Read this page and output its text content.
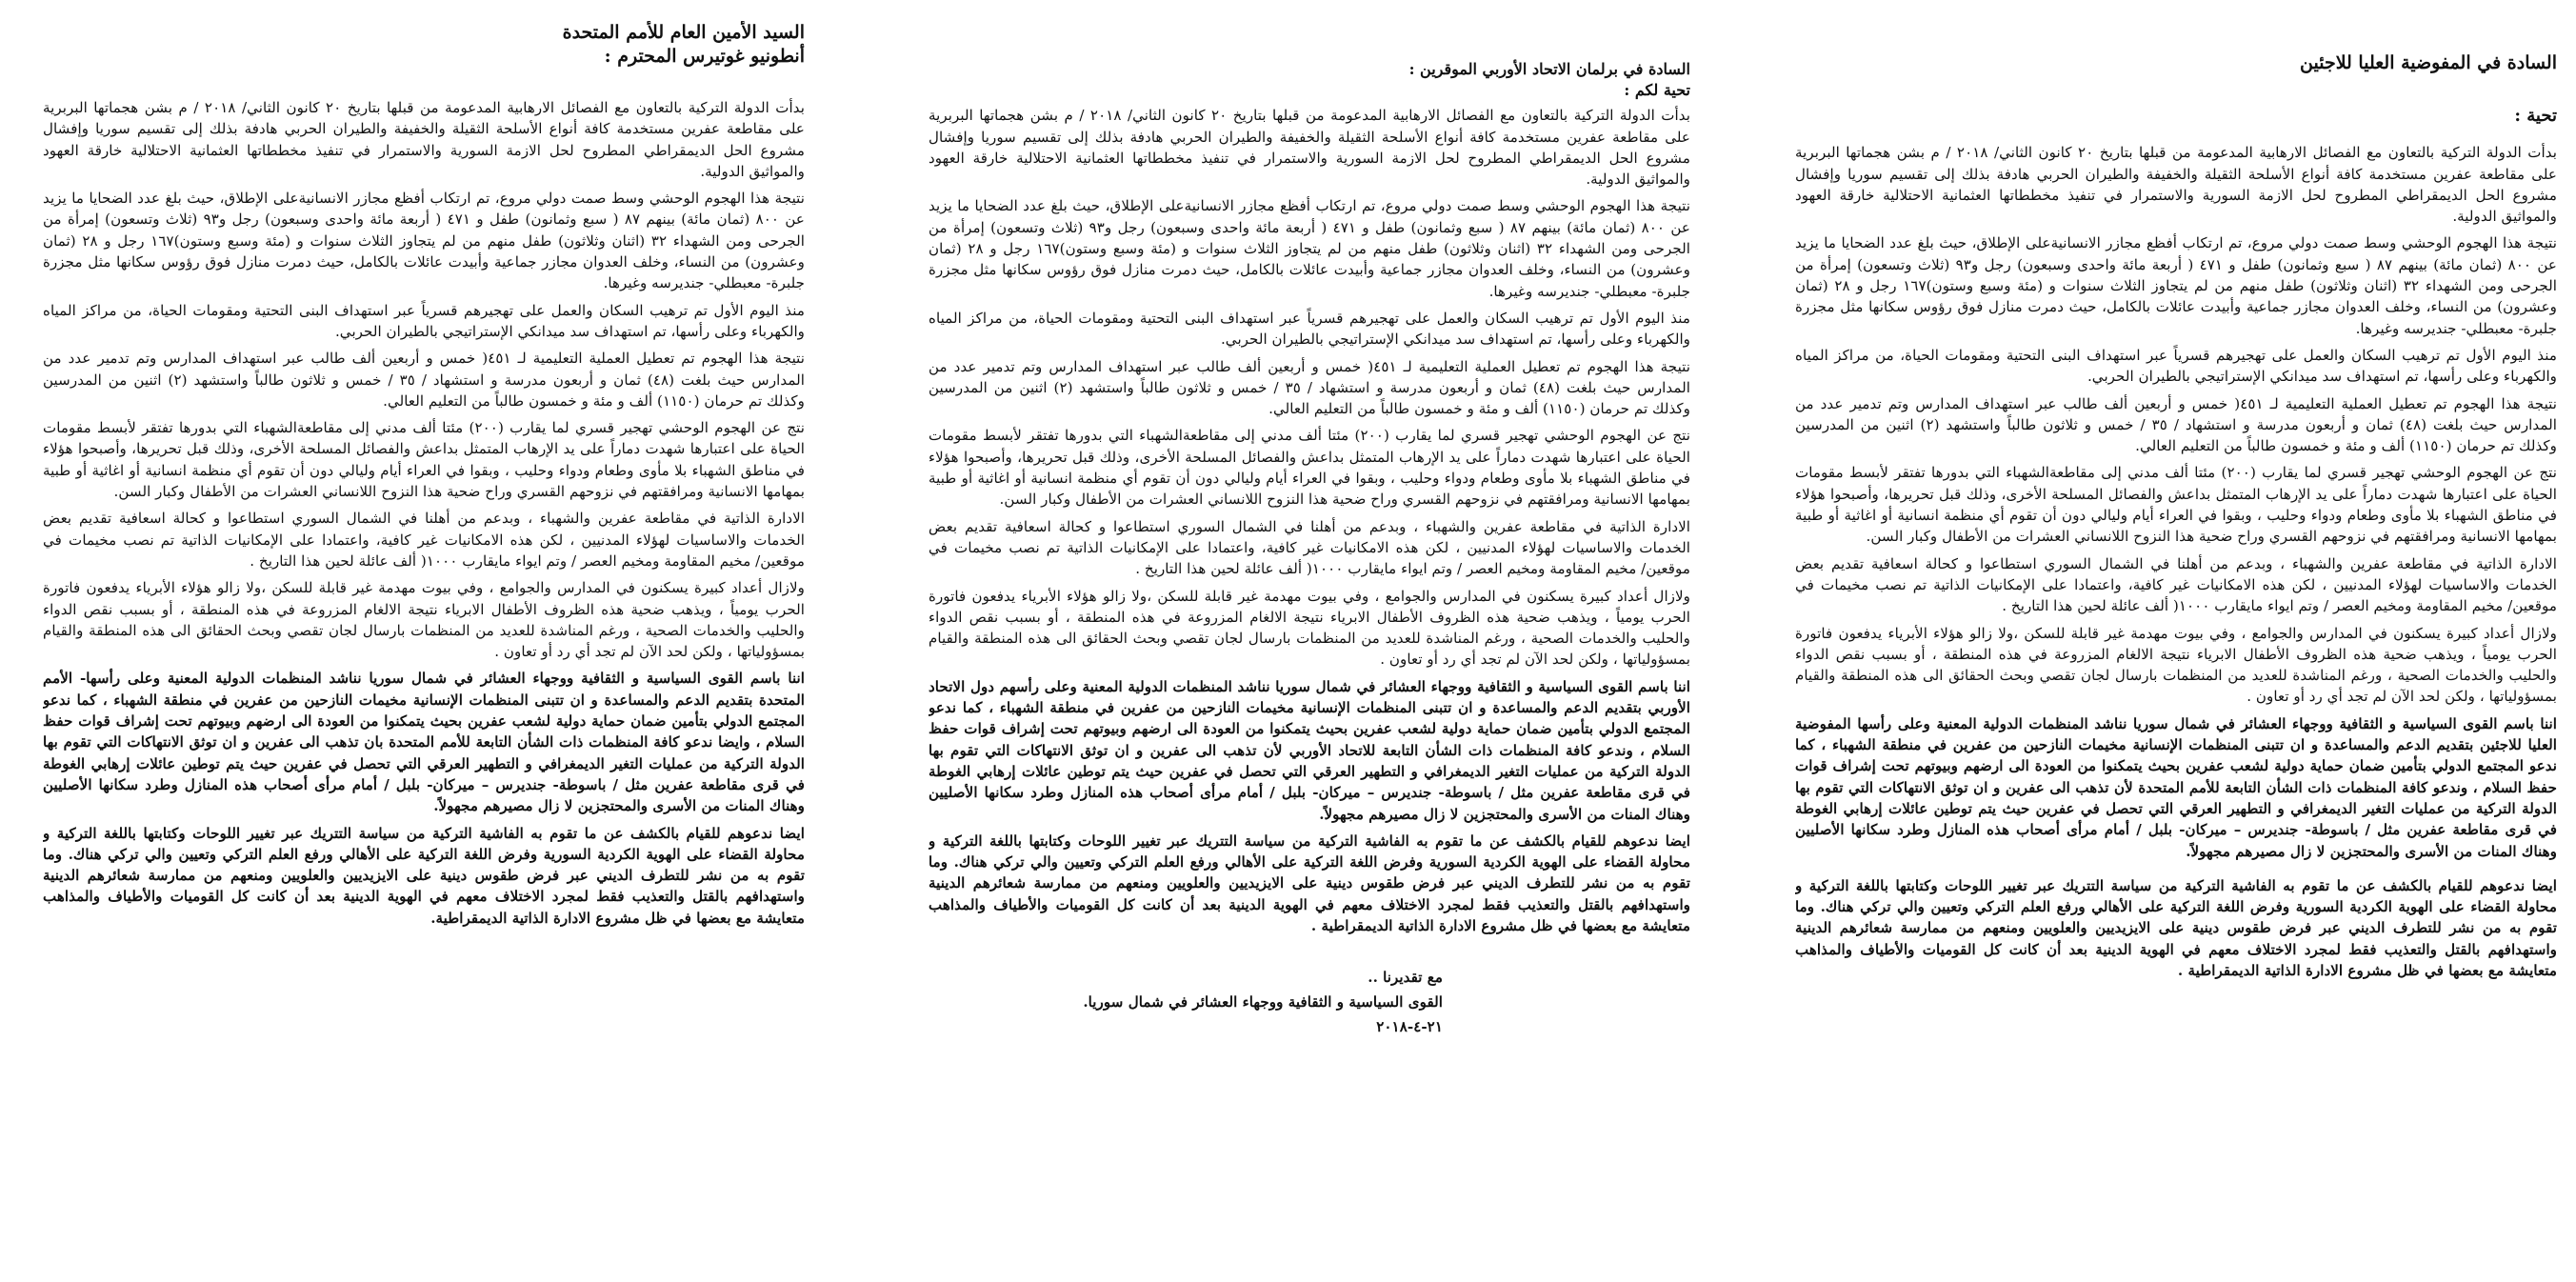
السادة في المفوضية العليا للاجئين
تحية :

بدأت الدولة التركية بالتعاون مع الفصائل الارهابية المدعومة من قبلها بتاريخ ٢٠ كانون الثاني/ ٢٠١٨ / م بشن هجماتها البربرية على مقاطعة عفرين مستخدمة كافة أنواع الأسلحة الثقيلة والخفيفة والطيران الحربي هادفة بذلك إلى تقسيم سوريا وإفشال مشروع الحل الديمقراطي المطروح لحل الازمة السورية والاستمرار في تنفيذ مخططاتها العثمانية الاحتلالية خارقة العهود والمواثيق الدولية.

نتيجة هذا الهجوم الوحشي وسط صمت دولي مروع، تم ارتكاب أفظع مجازر الانسانيةعلى الإطلاق، حيث بلغ عدد الضحايا ما يزيد عن ٨٠٠ (ثمان مائة) بينهم ٨٧ ( سبع وثمانون) طفل و ٤٧١ ( أربعة مائة واحدى وسبعون) رجل و٩٣ (ثلاث وتسعون) إمرأة من الجرحى ومن الشهداء ٣٢ (اثنان وثلاثون) طفل منهم من لم يتجاوز الثلاث سنوات و (مئة وسبع وستون)١٦٧ رجل و ٢٨ (ثمان وعشرون) من النساء، وخلف العدوان مجازر جماعية وأبيدت عائلات بالكامل، حيث دمرت منازل فوق رؤوس سكانها مثل مجزرة جلبرة- معبطلي- جنديرسه وغيرها.

منذ اليوم الأول تم ترهيب السكان والعمل على تهجيرهم قسرياً عبر استهداف البنى التحتية ومقومات الحياة، من مراكز المياه والكهرباء وعلى رأسها، تم استهداف سد ميدانكي الإستراتيجي بالطيران الحربي.

نتيجة هذا الهجوم تم تعطيل العملية التعليمية لـ ٤٥١( خمس و أربعين ألف طالب عبر استهداف المدارس وتم تدمير عدد من المدارس حيث بلغت (٤٨) ثمان و أربعون مدرسة و استشهاد / ٣٥ / خمس و ثلاثون طالباً واستشهد (٢) اثنين من المدرسين وكذلك تم حرمان (١١٥٠) ألف و مئة و خمسون طالباً من التعليم العالي.

نتج عن الهجوم الوحشي تهجير قسري لما يقارب (٢٠٠) مئتا ألف مدني إلى مقاطعةالشهباء التي بدورها تفتقر لأبسط مقومات الحياة على اعتبارها شهدت دماراً على يد الإرهاب المتمثل بداعش والفصائل المسلحة الأخرى، وذلك قبل تحريرها، وأصبحوا هؤلاء في مناطق الشهباء بلا مأوى وطعام ودواء وحليب ، وبقوا في العراء أيام وليالي دون أن تقوم أي منظمة انسانية أو اغاثية أو طبية بمهامها الانسانية ومرافقتهم في نزوحهم القسري وراح ضحية هذا النزوح اللانساني العشرات من الأطفال وكبار السن.

الادارة الذاتية في مقاطعة عفرين والشهباء ، وبدعم من أهلنا في الشمال السوري استطاعوا و كحالة اسعافية تقديم بعض الخدمات والاساسيات لهؤلاء المدنيين ، لكن هذه الامكانيات غير كافية، واعتمادا على الإمكانيات الذاتية تم نصب مخيمات في موقعين/ مخيم المقاومة ومخيم العصر / وتم ايواء مايقارب ١٠٠٠( ألف عائلة لحين هذا التاريخ .

ولازال أعداد كبيرة يسكنون في المدارس والجوامع ، وفي بيوت مهدمة غير قابلة للسكن ،ولا زالو هؤلاء الأبرياء يدفعون فاتورة الحرب يومياً ، ويذهب ضحية هذه الظروف الأطفال الابرياء نتيجة الالغام المزروعة في هذه المنطقة ، أو بسبب نقص الدواء والحليب والخدمات الصحية ، ورغم المناشدة للعديد من المنظمات بارسال لجان تقصي وبحث الحقائق الى هذه المنطقة والقيام بمسؤولياتها ، ولكن لحد الآن لم تجد أي رد أو تعاون .

اننا باسم القوى السياسية و الثقافية ووجهاء العشائر في شمال سوريا نناشد المنظمات الدولية المعنية وعلى رأسها المفوضية العليا للاجئين بتقديم الدعم والمساعدة و ان تتبنى المنظمات الإنسانية مخيمات النازحين من عفرين في منطقة الشهباء ، كما ندعو المجتمع الدولي بتأمين ضمان حماية دولية لشعب عفرين بحيث يتمكنوا من العودة الى ارضهم وبيوتهم تحت إشراف قوات حفظ السلام ، وندعو كافة المنظمات ذات الشأن التابعة للأمم المتحدة لأن تذهب الى عفرين و ان توثق الانتهاكات التي تقوم بها الدولة التركية من عمليات التغير الديمغرافي و التطهير العرقي التي تحصل في عفرين حيث يتم توطين عائلات إرهابي الغوطة في قرى مقاطعة عفرين مثل / باسوطة- جنديرس – ميركان- بلبل / أمام مرأى أصحاب هذه المنازل وطرد سكانها الأصليين وهناك المنات من الأسرى والمحتجزين لا زال مصيرهم مجهولاً.

ايضا ندعوهم للقيام بالكشف عن ما تقوم به الفاشية التركية من سياسة التتريك عبر تغيير اللوحات وكتابتها باللغة التركية و محاولة القضاء على الهوية الكردية السورية وفرض اللغة التركية على الأهالي ورفع العلم التركي وتعيين والي تركي هناك. وما تقوم به من نشر للتطرف الديني عبر فرض طقوس دينية على الايزيديين والعلويين ومنعهم من ممارسة شعائرهم الدينية واستهدافهم بالقتل والتعذيب فقط لمجرد الاختلاف معهم في الهوية الدينية بعد أن كانت كل القوميات والأطياف والمذاهب متعايشة مع بعضها في ظل مشروع الادارة الذاتية الديمقراطية .

السادة في برلمان الاتحاد الأوربي الموقرين :
تحية لكم :

بدأت الدولة التركية بالتعاون مع الفصائل الارهابية المدعومة من قبلها بتاريخ ٢٠ كانون الثاني/ ٢٠١٨ / م بشن هجماتها البربرية على مقاطعة عفرين مستخدمة كافة أنواع الأسلحة الثقيلة والخفيفة والطيران الحربي هادفة بذلك إلى تقسيم سوريا وإفشال مشروع الحل الديمقراطي المطروح لحل الازمة السورية والاستمرار في تنفيذ مخططاتها العثمانية الاحتلالية خارقة العهود والمواثيق الدولية.

نتيجة هذا الهجوم الوحشي وسط صمت دولي مروع، تم ارتكاب أفظع مجازر الانسانيةعلى الإطلاق، حيث بلغ عدد الضحايا ما يزيد عن ٨٠٠ (ثمان مائة) بينهم ٨٧ ( سبع وثمانون) طفل و ٤٧١ ( أربعة مائة واحدى وسبعون) رجل و٩٣ (ثلاث وتسعون) إمرأة من الجرحى ومن الشهداء ٣٢ (اثنان وثلاثون) طفل منهم من لم يتجاوز الثلاث سنوات و (مئة وسبع وستون)١٦٧ رجل و ٢٨ (ثمان وعشرون) من النساء، وخلف العدوان مجازر جماعية وأبيدت عائلات بالكامل، حيث دمرت منازل فوق رؤوس سكانها مثل مجزرة جلبرة- معبطلي- جنديرسه وغيرها.

منذ اليوم الأول تم ترهيب السكان والعمل على تهجيرهم قسرياً عبر استهداف البنى التحتية ومقومات الحياة، من مراكز المياه والكهرباء وعلى رأسها، تم استهداف سد ميدانكي الإستراتيجي بالطيران الحربي.

نتيجة هذا الهجوم تم تعطيل العملية التعليمية لـ ٤٥١( خمس و أربعين ألف طالب عبر استهداف المدارس وتم تدمير عدد من المدارس حيث بلغت (٤٨) ثمان و أربعون مدرسة و استشهاد / ٣٥ / خمس و ثلاثون طالباً واستشهد (٢) اثنين من المدرسين وكذلك تم حرمان (١١٥٠) ألف و مئة و خمسون طالباً من التعليم العالي.

نتج عن الهجوم الوحشي تهجير قسري لما يقارب (٢٠٠) مئتا ألف مدني إلى مقاطعةالشهباء التي بدورها تفتقر لأبسط مقومات الحياة على اعتبارها شهدت دماراً على يد الإرهاب المتمثل بداعش والفصائل المسلحة الأخرى، وذلك قبل تحريرها، وأصبحوا هؤلاء في مناطق الشهباء بلا مأوى وطعام ودواء وحليب ، وبقوا في العراء أيام وليالي دون أن تقوم أي منظمة انسانية أو اغاثية أو طبية بمهامها الانسانية ومرافقتهم في نزوحهم القسري وراح ضحية هذا النزوح اللانساني العشرات من الأطفال وكبار السن.

الادارة الذاتية في مقاطعة عفرين والشهباء ، وبدعم من أهلنا في الشمال السوري استطاعوا و كحالة اسعافية تقديم بعض الخدمات والاساسيات لهؤلاء المدنيين ، لكن هذه الامكانيات غير كافية، واعتمادا على الإمكانيات الذاتية تم نصب مخيمات في موقعين/ مخيم المقاومة ومخيم العصر / وتم ايواء مايقارب ١٠٠٠( ألف عائلة لحين هذا التاريخ .

ولازال أعداد كبيرة يسكنون في المدارس والجوامع ، وفي بيوت مهدمة غير قابلة للسكن ،ولا زالو هؤلاء الأبرياء يدفعون فاتورة الحرب يومياً ، ويذهب ضحية هذه الظروف الأطفال الابرياء نتيجة الالغام المزروعة في هذه المنطقة ، أو بسبب نقص الدواء والحليب والخدمات الصحية ، ورغم المناشدة للعديد من المنظمات بارسال لجان تقصي وبحث الحقائق الى هذه المنطقة والقيام بمسؤولياتها ، ولكن لحد الآن لم تجد أي رد أو تعاون .

اننا باسم القوى السياسية و الثقافية ووجهاء العشائر في شمال سوريا نناشد المنظمات الدولية المعنية وعلى رأسهم دول الاتحاد الأوربي بتقديم الدعم والمساعدة و ان تتبنى المنظمات الإنسانية مخيمات النازحين من عفرين في منطقة الشهباء ، كما ندعو المجتمع الدولي بتأمين ضمان حماية دولية لشعب عفرين بحيث يتمكنوا من العودة الى ارضهم وبيوتهم تحت إشراف قوات حفظ السلام ، وندعو كافة المنظمات ذات الشأن التابعة للاتحاد الأوربي لأن تذهب الى عفرين و ان توثق الانتهاكات التي تقوم بها الدولة التركية من عمليات التغير الديمغرافي و التطهير العرقي التي تحصل في عفرين حيث يتم توطين عائلات إرهابي الغوطة في قرى مقاطعة عفرين مثل / باسوطة- جنديرس – ميركان- بلبل / أمام مرأى أصحاب هذه المنازل وطرد سكانها الأصليين وهناك المنات من الأسرى والمحتجزين لا زال مصيرهم مجهولاً.

ايضا ندعوهم للقيام بالكشف عن ما تقوم به الفاشية التركية من سياسة التتريك عبر تغيير اللوحات وكتابتها باللغة التركية و محاولة القضاء على الهوية الكردية السورية وفرض اللغة التركية على الأهالي ورفع العلم التركي وتعيين والي تركي هناك. وما تقوم به من نشر للتطرف الديني عبر فرض طقوس دينية على الايزيديين والعلويين ومنعهم من ممارسة شعائرهم الدينية واستهدافهم بالقتل والتعذيب فقط لمجرد الاختلاف معهم في الهوية الدينية بعد أن كانت كل القوميات والأطياف والمذاهب متعايشة مع بعضها في ظل مشروع الادارة الذاتية الديمقراطية .

مع تقديرنا ..
القوى السياسية و الثقافية ووجهاء العشائر في شمال سوريا.
٢١-٤-٢٠١٨
السيد الأمين العام للأمم المتحدة
أنطونيو غوتيرس المحترم :

بدأت الدولة التركية بالتعاون مع الفصائل الارهابية المدعومة من قبلها بتاريخ ٢٠ كانون الثاني/ ٢٠١٨ / م بشن هجماتها البربرية على مقاطعة عفرين مستخدمة كافة أنواع الأسلحة الثقيلة والخفيفة والطيران الحربي هادفة بذلك إلى تقسيم سوريا وإفشال مشروع الحل الديمقراطي المطروح لحل الازمة السورية والاستمرار في تنفيذ مخططاتها العثمانية الاحتلالية خارقة العهود والمواثيق الدولية.

نتيجة هذا الهجوم الوحشي وسط صمت دولي مروع، تم ارتكاب أفظع مجازر الانسانيةعلى الإطلاق، حيث بلغ عدد الضحايا ما يزيد عن ٨٠٠ (ثمان مائة) بينهم ٨٧ ( سبع وثمانون) طفل و ٤٧١ ( أربعة مائة واحدى وسبعون) رجل و٩٣ (ثلاث وتسعون) إمرأة من الجرحى ومن الشهداء ٣٢ (اثنان وثلاثون) طفل منهم من لم يتجاوز الثلاث سنوات و (مئة وسبع وستون)١٦٧ رجل و ٢٨ (ثمان وعشرون) من النساء، وخلف العدوان مجازر جماعية وأبيدت عائلات بالكامل، حيث دمرت منازل فوق رؤوس سكانها مثل مجزرة جلبرة- معبطلي- جنديرسه وغيرها.

منذ اليوم الأول تم ترهيب السكان والعمل على تهجيرهم قسرياً عبر استهداف البنى التحتية ومقومات الحياة، من مراكز المياه والكهرباء وعلى رأسها، تم استهداف سد ميدانكي الإستراتيجي بالطيران الحربي.

نتيجة هذا الهجوم تم تعطيل العملية التعليمية لـ ٤٥١( خمس و أربعين ألف طالب عبر استهداف المدارس وتم تدمير عدد من المدارس حيث بلغت (٤٨) ثمان و أربعون مدرسة و استشهاد / ٣٥ / خمس و ثلاثون طالباً واستشهد (٢) اثنين من المدرسين وكذلك تم حرمان (١١٥٠) ألف و مئة و خمسون طالباً من التعليم العالي.

نتج عن الهجوم الوحشي تهجير قسري لما يقارب (٢٠٠) مئتا ألف مدني إلى مقاطعةالشهباء التي بدورها تفتقر لأبسط مقومات الحياة على اعتبارها شهدت دماراً على يد الإرهاب المتمثل بداعش والفصائل المسلحة الأخرى، وذلك قبل تحريرها، وأصبحوا هؤلاء في مناطق الشهباء بلا مأوى وطعام ودواء وحليب ، وبقوا في العراء أيام وليالي دون أن تقوم أي منظمة انسانية أو اغاثية أو طبية بمهامها الانسانية ومرافقتهم في نزوحهم القسري وراح ضحية هذا النزوح اللانساني العشرات من الأطفال وكبار السن.

الادارة الذاتية في مقاطعة عفرين والشهباء ، وبدعم من أهلنا في الشمال السوري استطاعوا و كحالة اسعافية تقديم بعض الخدمات والاساسيات لهؤلاء المدنيين ، لكن هذه الامكانيات غير كافية، واعتمادا على الإمكانيات الذاتية تم نصب مخيمات في موقعين/ مخيم المقاومة ومخيم العصر / وتم ايواء مايقارب ١٠٠٠( ألف عائلة لحين هذا التاريخ .

ولازال أعداد كبيرة يسكنون في المدارس والجوامع ، وفي بيوت مهدمة غير قابلة للسكن ،ولا زالو هؤلاء الأبرياء يدفعون فاتورة الحرب يومياً ، ويذهب ضحية هذه الظروف الأطفال الابرياء نتيجة الالغام المزروعة في هذه المنطقة ، أو بسبب نقص الدواء والحليب والخدمات الصحية ، ورغم المناشدة للعديد من المنظمات بارسال لجان تقصي وبحث الحقائق الى هذه المنطقة والقيام بمسؤولياتها ، ولكن لحد الآن لم تجد أي رد أو تعاون .

اننا باسم القوى السياسية و الثقافية ووجهاء العشائر في شمال سوريا نناشد المنظمات الدولية المعنية وعلى رأسها- الأمم المتحدة بتقديم الدعم والمساعدة و ان تتبنى المنظمات الإنسانية مخيمات النازحين من عفرين في منطقة الشهباء ، كما ندعو المجتمع الدولي بتأمين ضمان حماية دولية لشعب عفرين بحيث يتمكنوا من العودة الى ارضهم وبيوتهم تحت إشراف قوات حفظ السلام ، وايضا ندعو كافة المنظمات ذات الشأن التابعة للأمم المتحدة بان تذهب الى عفرين و ان توثق الانتهاكات التي تقوم بها الدولة التركية من عمليات التغير الديمغرافي و التطهير العرقي التي تحصل في عفرين حيث يتم توطين عائلات إرهابي الغوطة في قرى مقاطعة عفرين مثل / باسوطة- جنديرس – ميركان- بلبل / أمام مرأى أصحاب هذه المنازل وطرد سكانها الأصليين وهناك المنات من الأسرى والمحتجزين لا زال مصيرهم مجهولاً.

ايضا ندعوهم للقيام بالكشف عن ما تقوم به الفاشية التركية من سياسة التتريك عبر تغيير اللوحات وكتابتها باللغة التركية و محاولة القضاء على الهوية الكردية السورية وفرض اللغة التركية على الأهالي ورفع العلم التركي وتعيين والي تركي هناك. وما تقوم به من نشر للتطرف الديني عبر فرض طقوس دينية على الايزيديين والعلويين ومنعهم من ممارسة شعائرهم الدينية واستهدافهم بالقتل والتعذيب فقط لمجرد الاختلاف معهم في الهوية الدينية بعد أن كانت كل القوميات والأطياف والمذاهب متعايشة مع بعضها في ظل مشروع الادارة الذاتية الديمقراطية.
